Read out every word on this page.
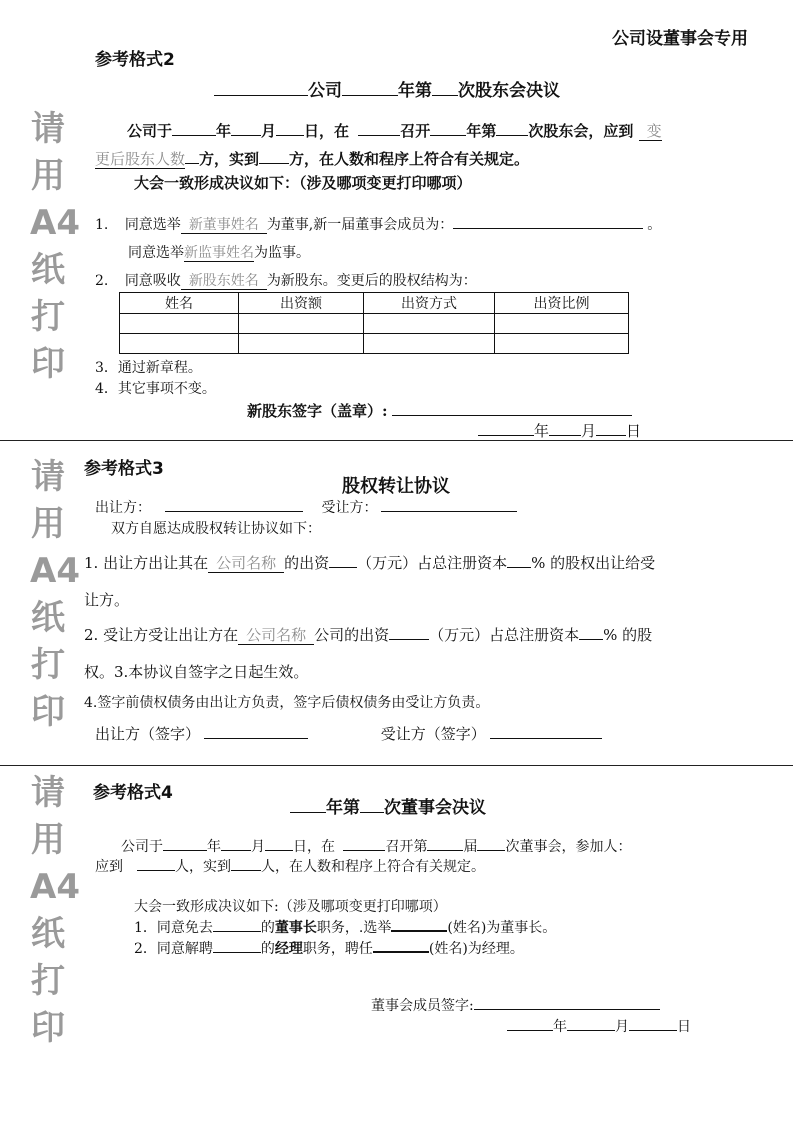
公司设董事会专用
请
用
A4
纸
打
印
请
用
A4
纸
打
印
请
用
A4
纸
打
印
参考格式2
公司	年第 次股东会决议
公司于	年 月 日，在	召开 年第 次股东会，应到 变
更后股东人数 方，实到 方，在人数和程序上符合有关规定。
大会一致形成决议如下：（涉及哪项变更打印哪项）
1. 同意选举 新董事姓名 为董事,新一届董事会成员为：	。
同意选举新监事姓名为监事。
2. 同意吸收 新股东姓名 为新股东。变更后的股权结构为：
姓名	出资额	出资方式	出资比例

3．通过新章程。
4．其它事项不变。
新股东签字（盖章）:
年 月 日
参考格式3
股权转让协议
出让方：	受让方：
双方自愿达成股权转让协议如下：
1. 出让方出让其在 公司名称 的出资 （万元）占总注册资本 % 的股权出让给受
让方。
2. 受让方受让出让方在 公司名称 公司的出资	（万元）占总注册资本 % 的股
权。3.本协议自签字之日起生效。
4.签字前债权债务由出让方负责，签字后债权债务由受让方负责。
出让方（签字）	受让方（签字）
参考格式4
年第 次董事会决议
公司于	年 月 日，在	召开第	届 次董事会，参加人：
应到	人，实到 人，在人数和程序上符合有关规定。
大会一致形成决议如下:（涉及哪项变更打印哪项）
1．同意免去	的董事长职务，.选举	(姓名)为董事长。
2．同意解聘	的经理职务，聘任	(姓名)为经理。
董事会成员签字:
年	月	日
